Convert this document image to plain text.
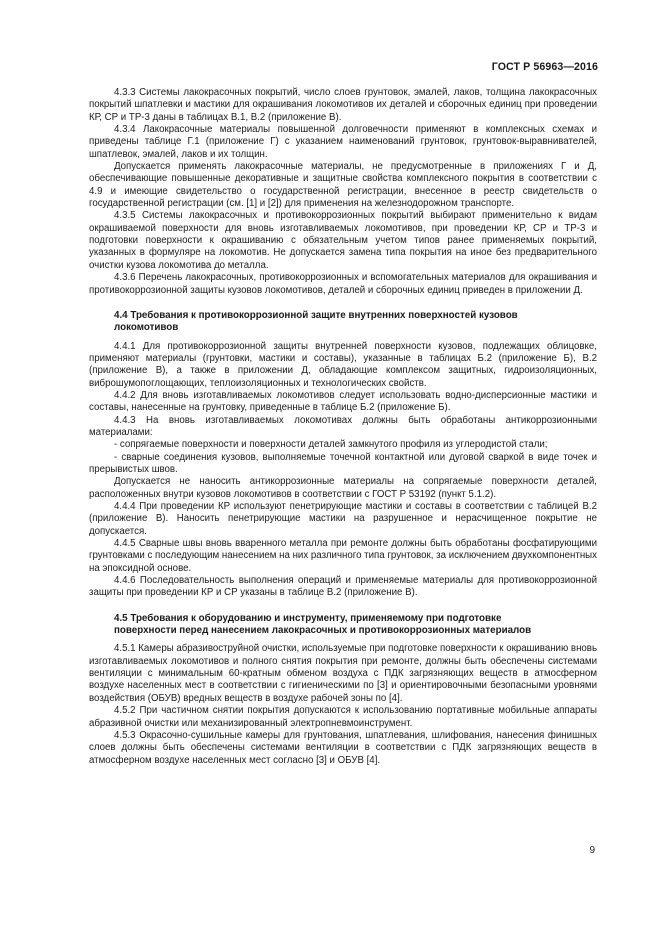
ГОСТ Р 56963—2016

4.3.3 Системы лакокрасочных покрытий, число слоев грунтовок, эмалей, лаков, толщина лакокрасочных покрытий шпатлевки и мастики для окрашивания локомотивов их деталей и сборочных единиц при проведении КР, СР и ТР-3 даны в таблицах В.1, В.2 (приложение В).

4.3.4 Лакокрасочные материалы повышенной долговечности применяют в комплексных схемах и приведены таблице Г.1 (приложение Г) с указанием наименований грунтовок, грунтовок-выравнивателей, шпатлевок, эмалей, лаков и их толщин.

Допускается применять лакокрасочные материалы, не предусмотренные в приложениях Г и Д, обеспечивающие повышенные декоративные и защитные свойства комплексного покрытия в соответствии с 4.9 и имеющие свидетельство о государственной регистрации, внесенное в реестр свидетельств о государственной регистрации (см. [1] и [2]) для применения на железнодорожном транспорте.

4.3.5 Системы лакокрасочных и противокоррозионных покрытий выбирают применительно к видам окрашиваемой поверхности для вновь изготавливаемых локомотивов, при проведении КР, СР и ТР-3 и подготовки поверхности к окрашиванию с обязательным учетом типов ранее применяемых покрытий, указанных в формуляре на локомотив. Не допускается замена типа покрытия на иное без предварительного очистки кузова локомотива до металла.

4.3.6 Перечень лакокрасочных, противокоррозионных и вспомогательных материалов для окрашивания и противокоррозионной защиты кузовов локомотивов, деталей и сборочных единиц приведен в приложении Д.

4.4 Требования к противокоррозионной защите внутренних поверхностей кузовов
локомотивов

4.4.1 Для противокоррозионной защиты внутренней поверхности кузовов, подлежащих облицовке, применяют материалы (грунтовки, мастики и составы), указанные в таблицах Б.2 (приложение Б), В.2 (приложение В), а также в приложении Д, обладающие комплексом защитных, гидроизоляционных, виброшумопоглощающих, теплоизоляционных и технологических свойств.

4.4.2 Для вновь изготавливаемых локомотивов следует использовать водно-дисперсионные мастики и составы, нанесенные на грунтовку, приведенные в таблице Б.2 (приложение Б).

4.4.3 На вновь изготавливаемых локомотивах должны быть обработаны антикоррозионными материалами:

- сопрягаемые поверхности и поверхности деталей замкнутого профиля из углеродистой стали;

- сварные соединения кузовов, выполняемые точечной контактной или дуговой сваркой в виде точек и прерывистых швов.

Допускается не наносить антикоррозионные материалы на сопрягаемые поверхности деталей, расположенных внутри кузовов локомотивов в соответствии с ГОСТ Р 53192 (пункт 5.1.2).

4.4.4 При проведении КР используют пенетрирующие мастики и составы в соответствии с таблицей В.2 (приложение В). Наносить пенетрирующие мастики на разрушенное и нерасчищенное покрытие не допускается.

4.4.5 Сварные швы вновь вваренного металла при ремонте должны быть обработаны фосфатирующими грунтовками с последующим нанесением на них различного типа грунтовок, за исключением двухкомпонентных на эпоксидной основе.

4.4.6 Последовательность выполнения операций и применяемые материалы для противокоррозионной защиты при проведении КР и СР указаны в таблице В.2 (приложение В).

4.5 Требования к оборудованию и инструменту, применяемому при подготовке
поверхности перед нанесением лакокрасочных и противокоррозионных материалов

4.5.1 Камеры абразивоструйной очистки, используемые при подготовке поверхности к окрашиванию вновь изготавливаемых локомотивов и полного снятия покрытия при ремонте, должны быть обеспечены системами вентиляции с минимальным 60-кратным обменом воздуха с ПДК загрязняющих веществ в атмосферном воздухе населенных мест в соответствии с гигиеническими по [3] и ориентировочными безопасными уровнями воздействия (ОБУВ) вредных веществ в воздухе рабочей зоны по [4].

4.5.2 При частичном снятии покрытия допускаются к использованию портативные мобильные аппараты абразивной очистки или механизированный электропневмоинструмент.

4.5.3 Окрасочно-сушильные камеры для грунтования, шпатлевания, шлифования, нанесения финишных слоев должны быть обеспечены системами вентиляции в соответствии с ПДК загрязняющих веществ в атмосферном воздухе населенных мест согласно [3] и ОБУВ [4].

9
